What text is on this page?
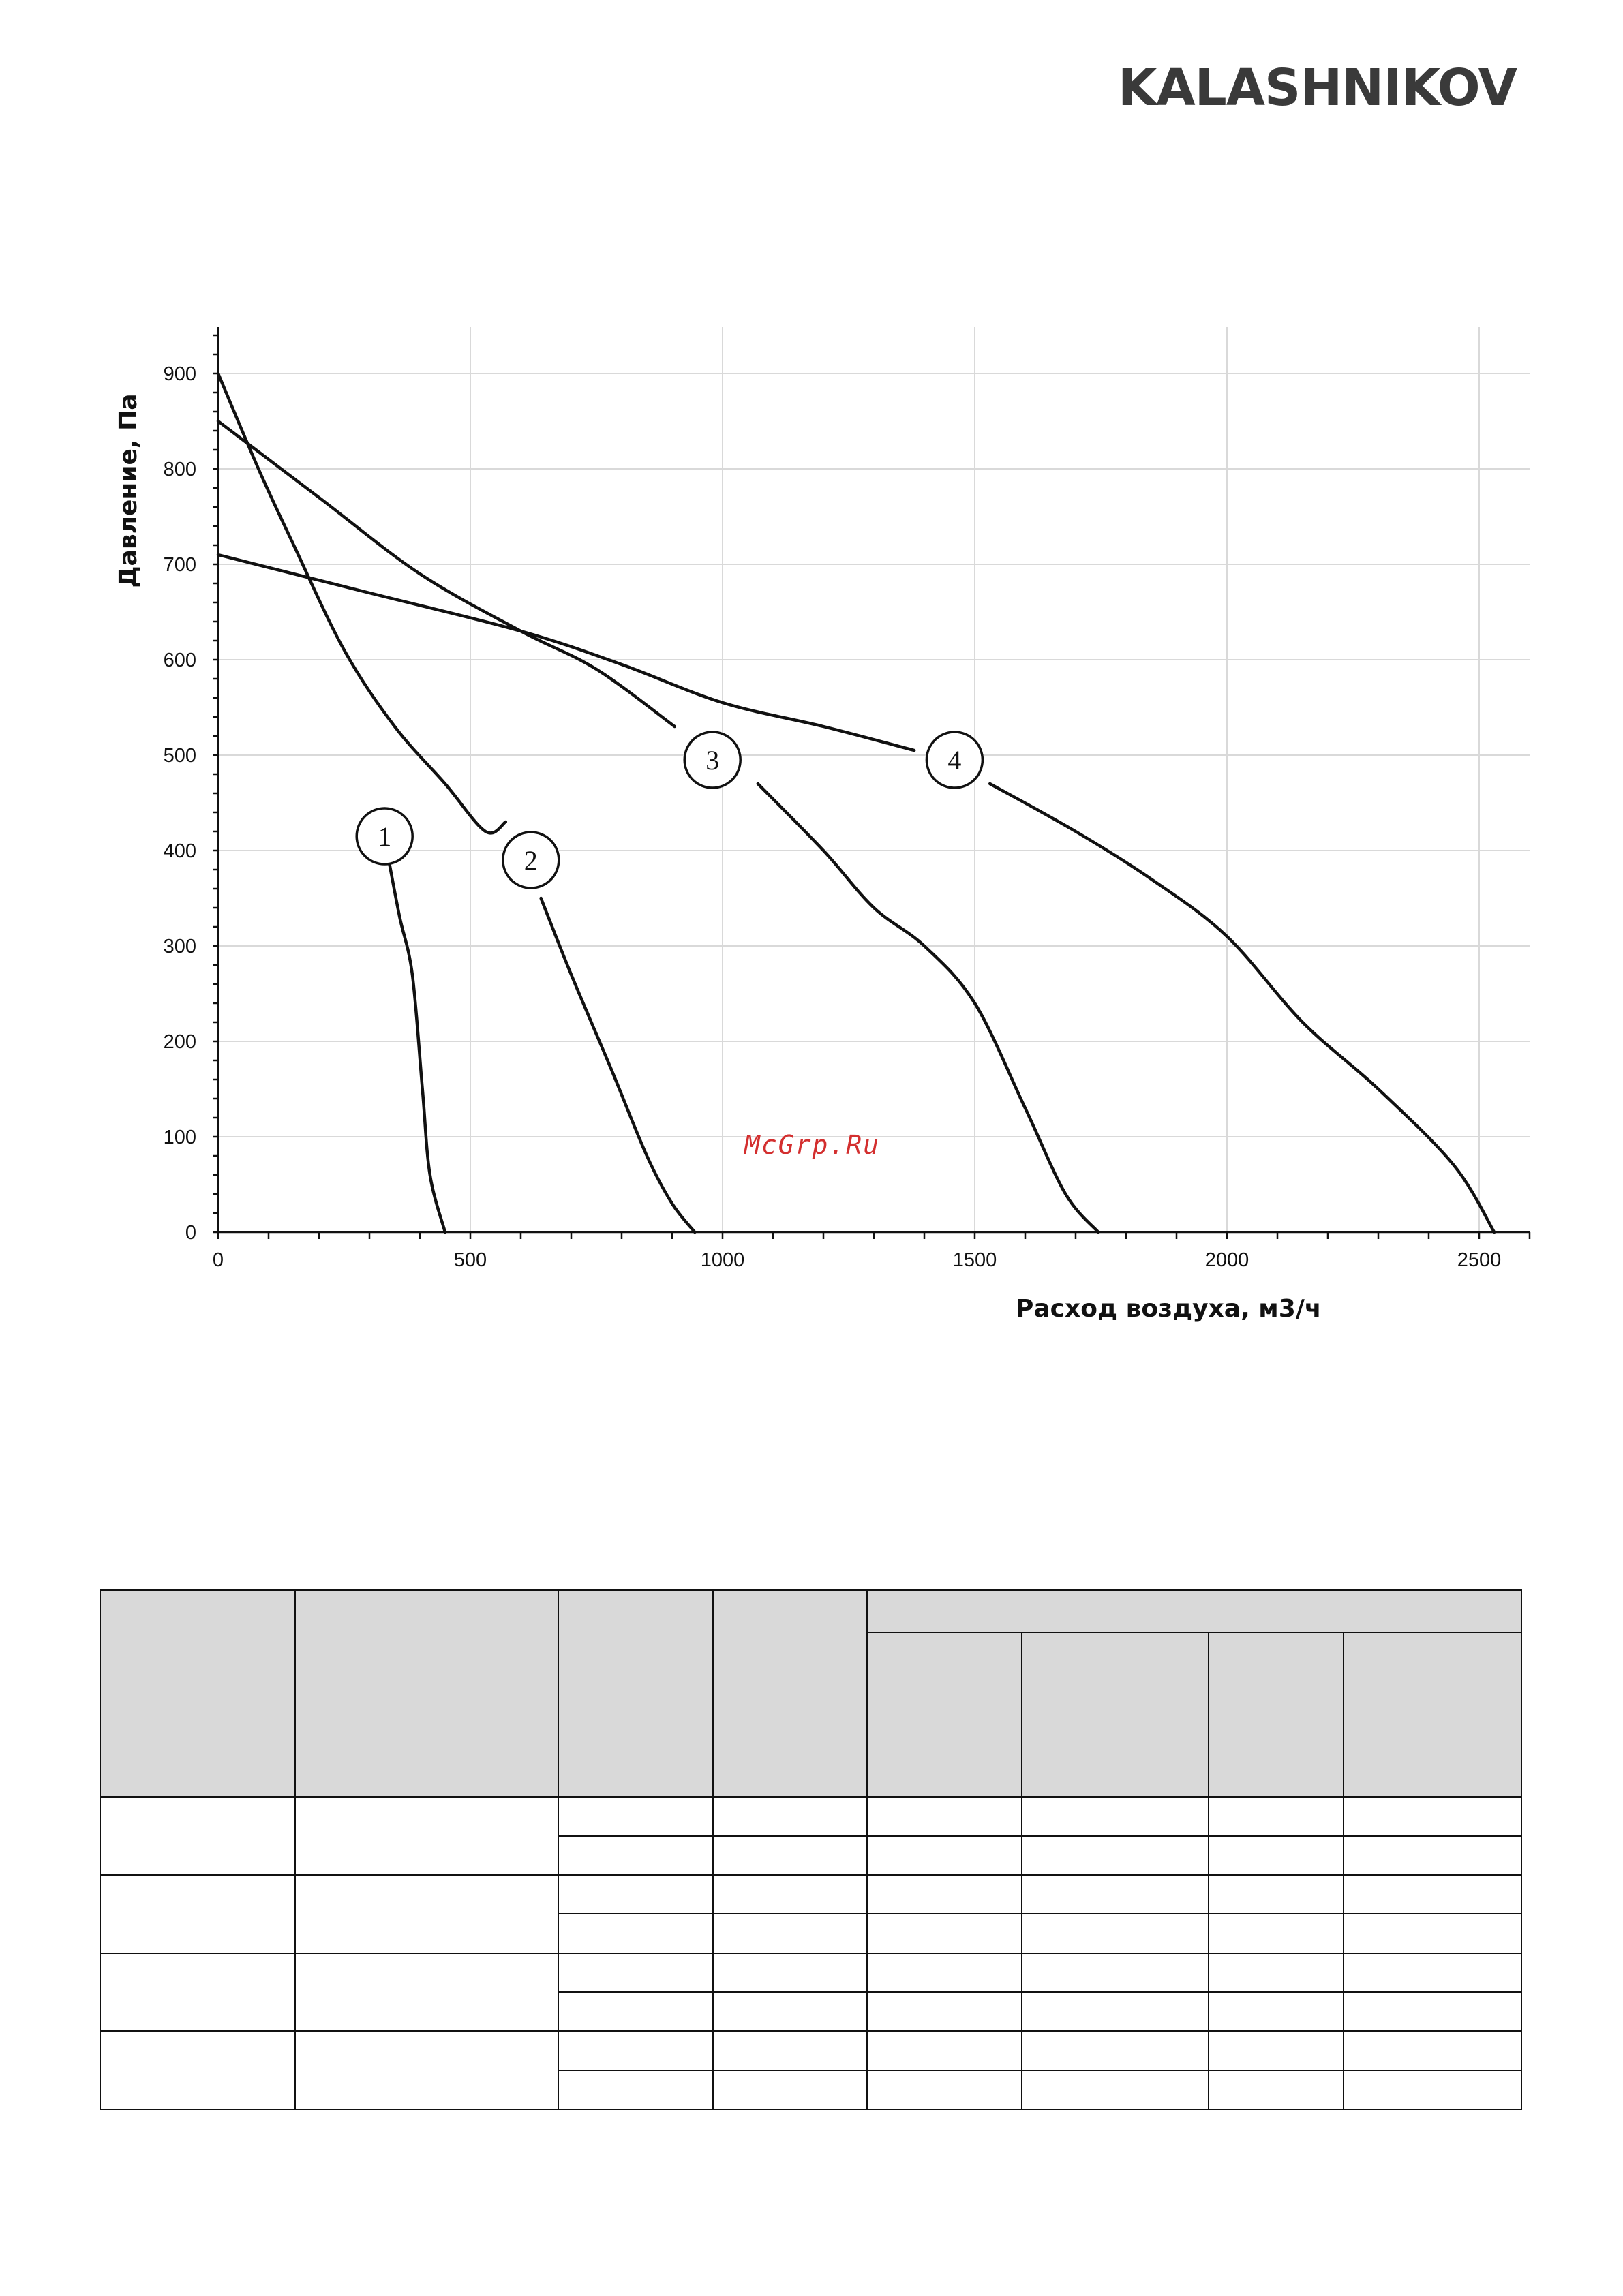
KALASHNIKOV
0	500	1000	1500	2000	2500
0
100
200
300
400
500
600
700
800
900
1
2
3	4
Расход воздуха, м3/ч
Давление, Па
McGrp.Ru
